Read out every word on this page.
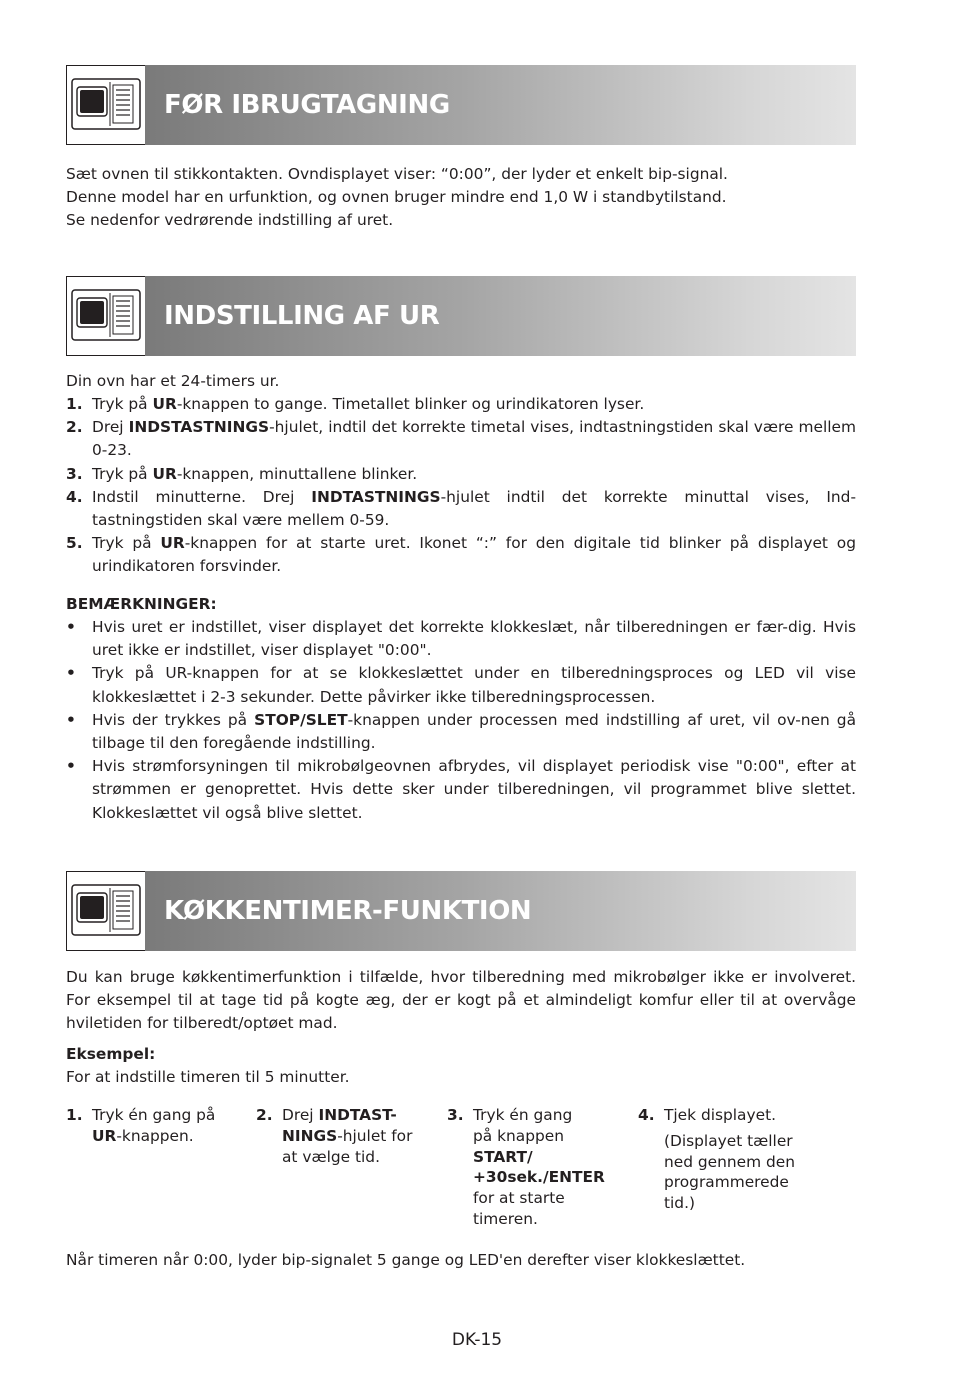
FØR IBRUGTAGNING

Sæt ovnen til stikkontakten. Ovndisplayet viser: “0:00”, der lyder et enkelt bip-signal.

Denne model har en urfunktion, og ovnen bruger mindre end 1,0 W i standbytilstand.

Se nedenfor vedrørende indstilling af uret.

INDSTILLING AF UR

Din ovn har et 24-timers ur.

1. Tryk på UR-knappen to gange. Timetallet blinker og urindikatoren lyser.
2. Drej INDSTASTNINGS-hjulet, indtil det korrekte timetal vises, indtastningstiden skal være mellem 0-23.
3. Tryk på UR-knappen, minuttallene blinker.
4. Indstil minutterne. Drej INDTASTNINGS-hjulet indtil det korrekte minuttal vises, Ind-tastningstiden skal være mellem 0-59.
5. Tryk på UR-knappen for at starte uret. Ikonet “:” for den digitale tid blinker på displayet og urindikatoren forsvinder.

BEMÆRKNINGER:

• Hvis uret er indstillet, viser displayet det korrekte klokkeslæt, når tilberedningen er fær-dig. Hvis uret ikke er indstillet, viser displayet "0:00".
• Tryk på UR-knappen for at se klokkeslættet under en tilberedningsproces og LED vil vise klokkeslættet i 2-3 sekunder. Dette påvirker ikke tilberedningsprocessen.
• Hvis der trykkes på STOP/SLET-knappen under processen med indstilling af uret, vil ov-nen gå tilbage til den foregående indstilling.
• Hvis strømforsyningen til mikrobølgeovnen afbrydes, vil displayet periodisk vise "0:00", efter at strømmen er genoprettet. Hvis dette sker under tilberedningen, vil programmet blive slettet. Klokkeslættet vil også blive slettet.
KØKKENTIMER-FUNKTION

Du kan bruge køkkentimerfunktion i tilfælde, hvor tilberedning med mikrobølger ikke er involveret. For eksempel til at tage tid på kogte æg, der er kogt på et almindeligt komfur eller til at overvåge hviletiden for tilberedt/optøet mad.

Eksempel:

For at indstille timeren til 5 minutter.

1. Tryk én gang på
UR-knappen.
2. Drej INDTAST-
NINGS-hjulet for
at vælge tid.
3. Tryk én gang
på knappen
START/
+30sek./ENTER
for at starte
timeren.
4. Tjek displayet.
(Displayet tæller
ned gennem den
programmerede
tid.)

Når timeren når 0:00, lyder bip-signalet 5 gange og LED'en derefter viser klokkeslættet.

DK-15
